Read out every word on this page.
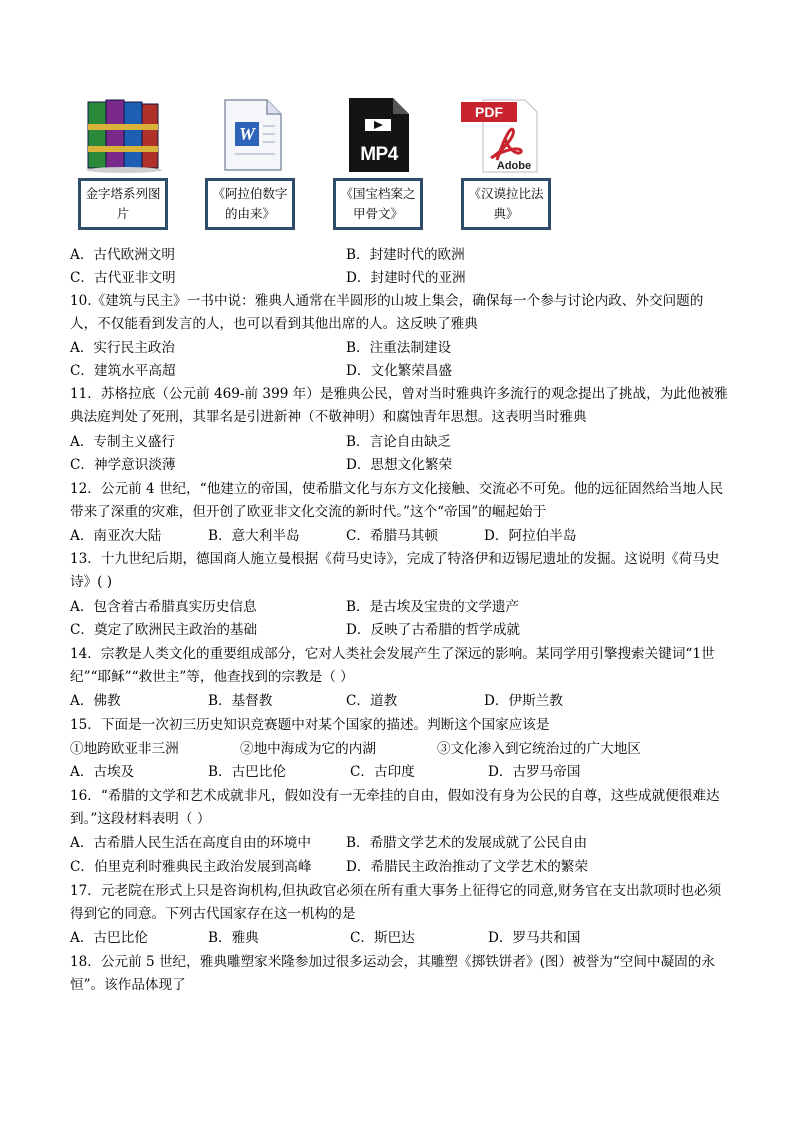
金字塔系列图片
W
《阿拉伯数字的由来》
MP4
《国宝档案之甲骨文》
PDF
Adobe
《汉谟拉比法典》
A．古代欧洲文明	B．封建时代的欧洲
C．古代亚非文明	D．封建时代的亚洲
10.《建筑与民主》一书中说：雅典人通常在半圆形的山坡上集会，确保每一个参与讨论内政、外交问题的人，不仅能看到发言的人，也可以看到其他出席的人。这反映了雅典
A．实行民主政治	B．注重法制建设
C．建筑水平高超	D．文化繁荣昌盛
11．苏格拉底（公元前 469-前 399 年）是雅典公民，曾对当时雅典许多流行的观念提出了挑战，为此他被雅典法庭判处了死刑，其罪名是引进新神（不敬神明）和腐蚀青年思想。这表明当时雅典
A．专制主义盛行	B．言论自由缺乏
C．神学意识淡薄	D．思想文化繁荣
12．公元前 4 世纪，“他建立的帝国，使希腊文化与东方文化接触、交流必不可免。他的远征固然给当地人民带来了深重的灾难，但开创了欧亚非文化交流的新时代。”这个“帝国”的崛起始于
A．南亚次大陆	B．意大利半岛	C．希腊马其顿	D．阿拉伯半岛
13．十九世纪后期，德国商人施立曼根据《荷马史诗》，完成了特洛伊和迈锡尼遗址的发掘。这说明《荷马史诗》( )
A．包含着古希腊真实历史信息	B．是古埃及宝贵的文学遗产
C．奠定了欧洲民主政治的基础	D．反映了古希腊的哲学成就
14．宗教是人类文化的重要组成部分，它对人类社会发展产生了深远的影响。某同学用引擎搜索关键词“1世纪”“耶稣”“救世主”等，他查找到的宗教是（ ）
A．佛教	B．基督教	C．道教	D．伊斯兰教
15．下面是一次初三历史知识竞赛题中对某个国家的描述。判断这个国家应该是
①地跨欧亚非三洲	②地中海成为它的内湖	③文化渗入到它统治过的广大地区
A．古埃及	B．古巴比伦	C．古印度	D．古罗马帝国
16．“希腊的文学和艺术成就非凡，假如没有一无牵挂的自由，假如没有身为公民的自尊，这些成就便很难达到。”这段材料表明（ ）
A．古希腊人民生活在高度自由的环境中	B．希腊文学艺术的发展成就了公民自由
C．伯里克利时雅典民主政治发展到高峰	D．希腊民主政治推动了文学艺术的繁荣
17．元老院在形式上只是咨询机构,但执政官必须在所有重大事务上征得它的同意,财务官在支出款项时也必须得到它的同意。下列古代国家存在这一机构的是
A．古巴比伦	B．雅典	C．斯巴达	D．罗马共和国
18．公元前 5 世纪，雅典雕塑家米隆参加过很多运动会，其雕塑《掷铁饼者》(图）被誉为“空间中凝固的永恒”。该作品体现了
